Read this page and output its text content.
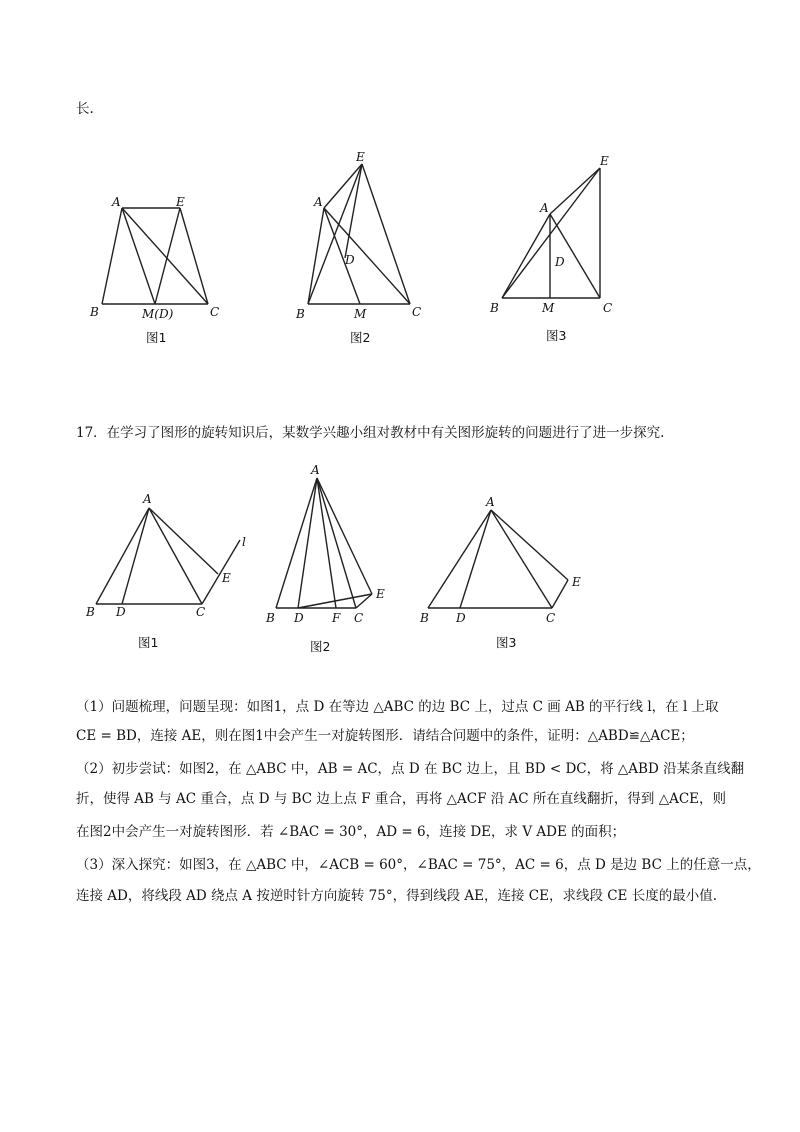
长.
A	E
B	M(D)	C
图1
A
E
D
B	M	C
图2
A
E
D
B	M	C
图3
17．在学习了图形的旋转知识后，某数学兴趣小组对教材中有关图形旋转的问题进行了进一步探究.
A
l
E
B D	C
图1
A
E
B D F C
图2
A
E
B D	C
图3
（1）问题梳理，问题呈现：如图1，点 D 在等边 △ABC 的边 BC 上，过点 C 画 AB 的平行线 l，在 l 上取
CE = BD，连接 AE，则在图1中会产生一对旋转图形．请结合问题中的条件，证明：△ABD≌△ACE；
（2）初步尝试：如图2，在 △ABC 中，AB = AC，点 D 在 BC 边上，且 BD < DC，将 △ABD 沿某条直线翻
折，使得 AB 与 AC 重合，点 D 与 BC 边上点 F 重合，再将 △ACF 沿 AC 所在直线翻折，得到 △ACE，则
在图2中会产生一对旋转图形．若 ∠BAC = 30°，AD = 6，连接 DE，求 V ADE 的面积；
（3）深入探究：如图3，在 △ABC 中，∠ACB = 60°，∠BAC = 75°，AC = 6，点 D 是边 BC 上的任意一点，
连接 AD，将线段 AD 绕点 A 按逆时针方向旋转 75°，得到线段 AE，连接 CE，求线段 CE 长度的最小值.
